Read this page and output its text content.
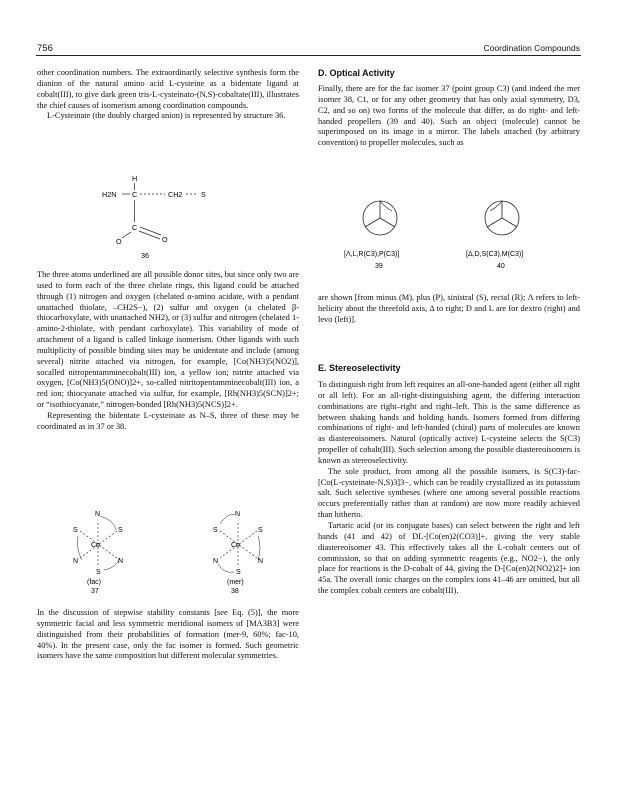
756	Coordination Compounds

other coordination numbers. The extraordinarily selective synthesis form the dianion of the natural amino acid L-cysteine as a bidentate ligand at cobalt(III), to give dark green tris-L-cysteinato-(N,S)-cobaltate(III), illustrates the chief causes of isomerism among coordination compounds.

L-Cysteinate (the doubly charged anion) is represented by structure 36.

H2N
H
C	CH2	S
C
O	O
36

The three atoms underlined are all possible donor sites, but since only two are used to form each of the three chelate rings, this ligand could be attached through (1) nitrogen and oxygen (chelated α-amino acidate, with a pendant unattached thiolate, –CH2S−), (2) sulfur and oxygen (a chelated β-thiocarboxylate, with unattached NH2), or (3) sulfur and nitrogen (chelated 1-amino-2-thiolate, with pendant carboxylate). This variability of mode of attachment of a ligand is called linkage isomerism. Other ligands with such multiplicity of possible binding sites may be unidentate and include (among several) nitrite attached via nitrogen, for example, [Co(NH3)5(NO2)], socalled nitropentamminecobalt(III) ion, a yellow ion; nitrite attached via oxygen, [Co(NH3)5(ONO)]2+, so-called nitritopentamminecobalt(III) ion, a red ion; thiocyanate attached via sulfur, for example, [Rh(NH3)5(SCN)]2+; or “isothiocyanate,” nitrogen-bonded [Rh(NH3)5(NCS)]2+.

Representing the bidentate L-cysteinate as N–S, three of these may be coordinated as in 37 or 38.

S
N
S
Co
N
S
N
(fac)
37
S
N
S
Co
N
S
N
(mer)
38

In the discussion of stepwise stability constants [see Eq. (5)], the more symmetric facial and less symmetric meridional isomers of [MA3B3] were distinguished from their probabilities of formation (mer-9, 60%; fac-10, 40%). In the present case, only the fac isomer is formed. Such geometric isomers have the same composition but different molecular symmetries.

D. Optical Activity

Finally, there are for the fac isomer 37 (point group C3) (and indeed the mer isomer 38, C1, or for any other geometry that has only axial symmetry, D3, C2, and so on) two forms of the molecule that differ, as do right- and left-handed propellers (39 and 40). Such an object (molecule) cannot be superimposed on its image in a mirror. The labels attached (by arbitrary convention) to propeller molecules, such as

[Λ,L,R(C3),P(C3)]
39
[Δ,D,S(C3),M(C3)]
40

are shown [from minus (M), plus (P), sinistral (S), rectal (R); Λ refers to left-helicity about the threefold axis, Δ to right; D and L are for dextro (right) and levo (left)].

E. Stereoselectivity

To distinguish right from left requires an all-one-handed agent (either all right or all left). For an all-right-distinguishing agent, the differing interaction combinations are right–right and right–left. This is the same difference as between shaking hands and holding hands. Isomers formed from differing combinations of right- and left-handed (chiral) parts of molecules are known as diastereoisomers. Natural (optically active) L-cysteine selects the S(C3) propeller of cobalt(III). Such selection among the possible diastereoisomers is known as stereoselectivity.

The sole product, from among all the possible isomers, is S(C3)-fac-[Co(L-cysteinate-N,S)3]3−, which can be readily crystallized as its potassium salt. Such selective syntheses (where one among several possible reactions occurs preferentially rather than at random) are now more readily achieved than hitherto.

Tartaric acid (or its conjugate bases) can select between the right and left hands (41 and 42) of DL-[Co(en)2(CO3)]+, giving the very stable diastereoisomer 43. This effectively takes all the L-cobalt centers out of commission, so that on adding symmetric reagents (e.g., NO2−), the only place for reactions is the D-cobalt of 44, giving the D-[Co(en)2(NO2)2]+ ion 45a. The overall ionic charges on the complex ions 41–46 are omitted, but all the complex cobalt centers are cobalt(III).
